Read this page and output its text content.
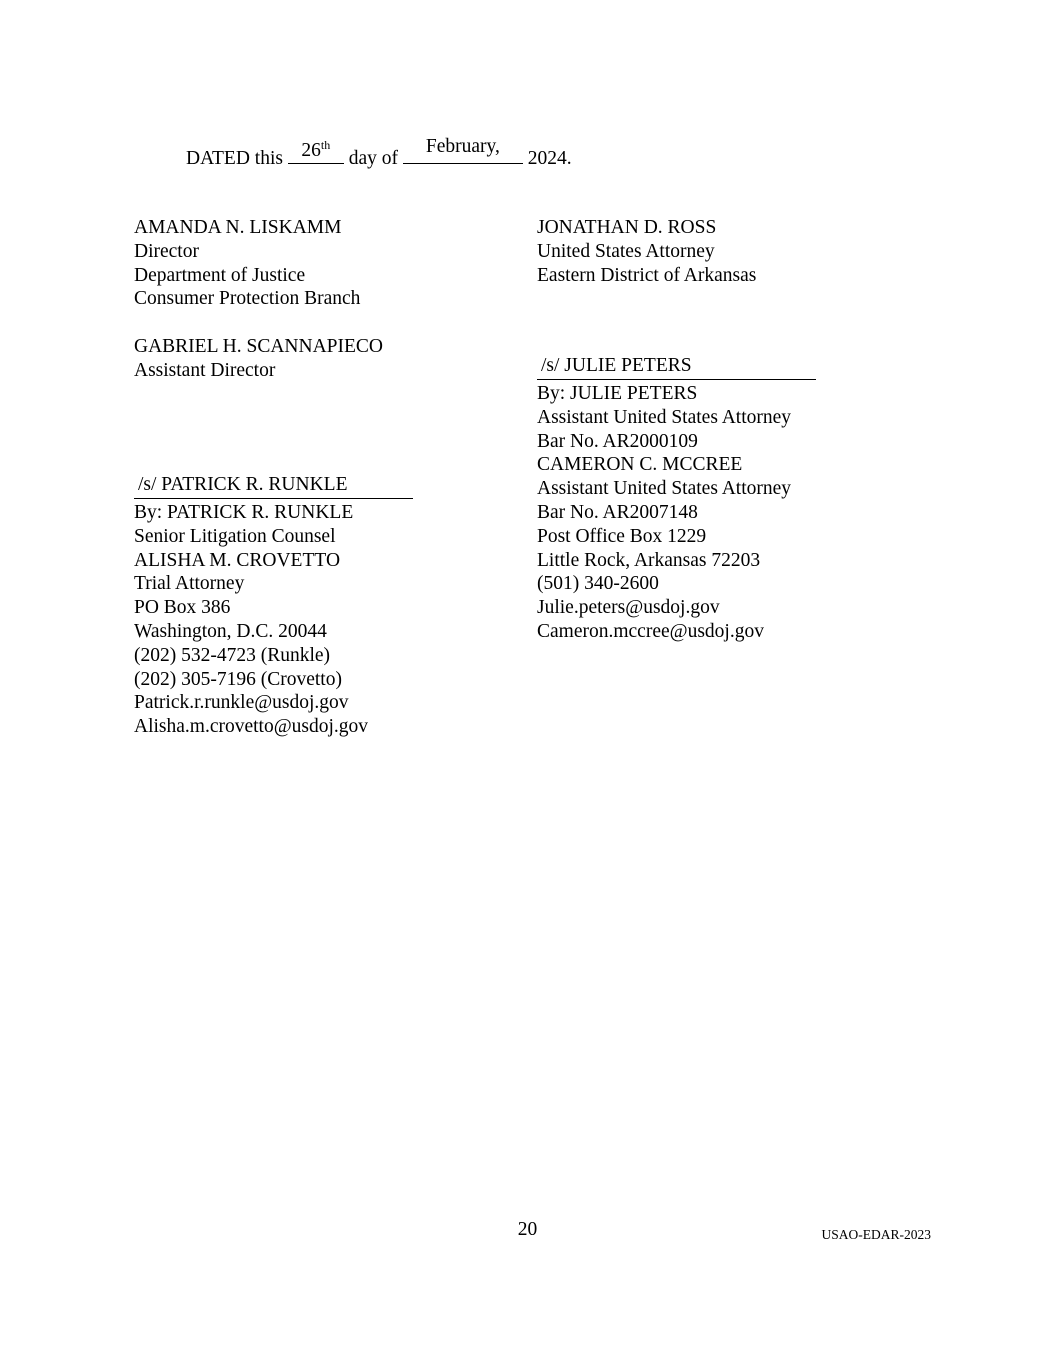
DATED this 26th
day of
February,
2024.
AMANDA N. LISKAMM
Director
Department of Justice
Consumer Protection Branch
GABRIEL H. SCANNAPIECO
Assistant Director
/s/ PATRICK R. RUNKLE
By: PATRICK R. RUNKLE
Senior Litigation Counsel
ALISHA M. CROVETTO
Trial Attorney
PO Box 386
Washington, D.C. 20044
(202) 532-4723 (Runkle)
(202) 305-7196 (Crovetto)
Patrick.r.runkle@usdoj.gov
Alisha.m.crovetto@usdoj.gov
JONATHAN D. ROSS
United States Attorney
Eastern District of Arkansas
/s/ JULIE PETERS
By: JULIE PETERS
Assistant United States Attorney
Bar No. AR2000109
CAMERON C. MCCREE
Assistant United States Attorney
Bar No. AR2007148
Post Office Box 1229
Little Rock, Arkansas 72203
(501) 340-2600
Julie.peters@usdoj.gov
Cameron.mccree@usdoj.gov
20	USAO-EDAR-2023
